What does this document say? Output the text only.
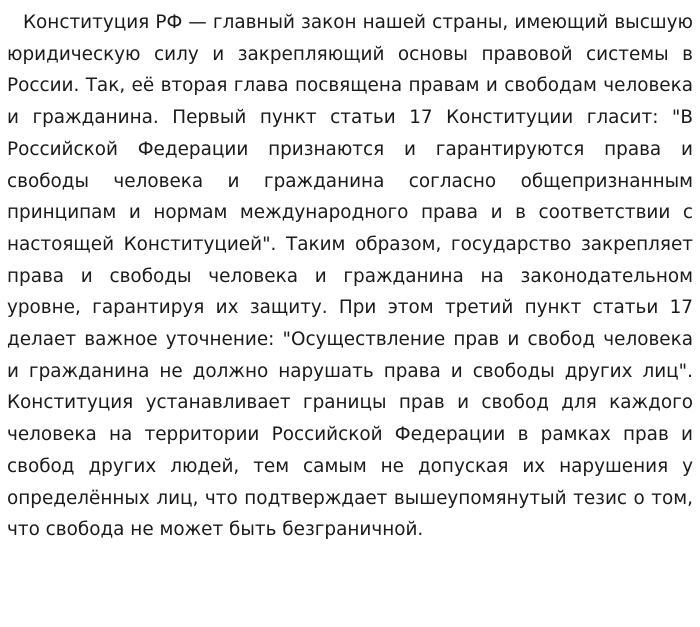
Конституция РФ — главный закон нашей страны, имеющий высшую юридическую силу и закрепляющий основы правовой системы в России. Так, её вторая глава посвящена правам и свободам человека и гражданина. Первый пункт статьи 17 Конституции гласит: "В Российской Федерации признаются и гарантируются права и свободы человека и гражданина согласно общепризнанным принципам и нормам международного права и в соответствии с настоящей Конституцией". Таким образом, государство закрепляет права и свободы человека и гражданина на законодательном уровне, гарантируя их защиту. При этом третий пункт статьи 17 делает важное уточнение: "Осуществление прав и свобод человека и гражданина не должно нарушать права и свободы других лиц". Конституция устанавливает границы прав и свобод для каждого человека на территории Российской Федерации в рамках прав и свобод других людей, тем самым не допуская их нарушения у определённых лиц, что подтверждает вышеупомянутый тезис о том, что свобода не может быть безграничной.
